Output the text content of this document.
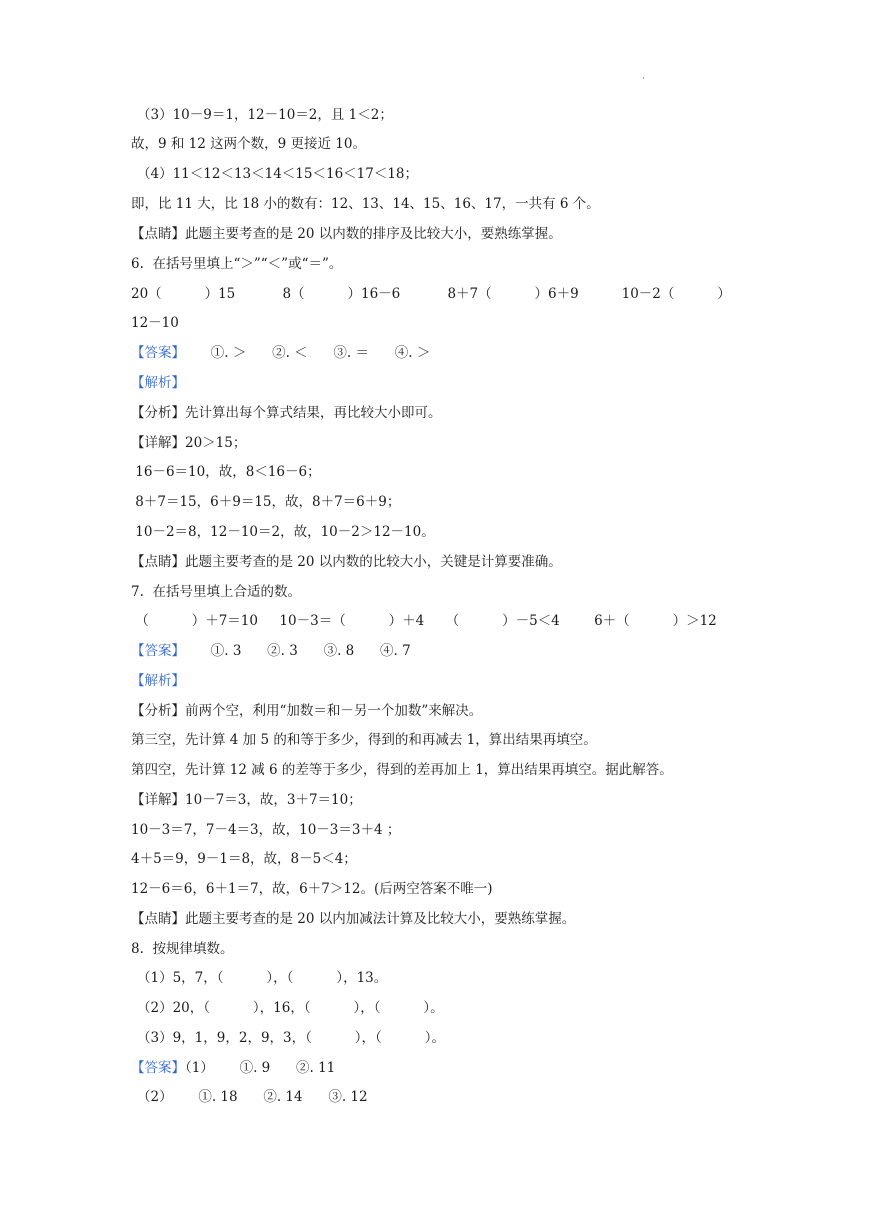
·
（3）10－9＝1，12－10＝2，且 1＜2；
故，9 和 12 这两个数，9 更接近 10。
（4）11＜12＜13＜14＜15＜16＜17＜18；
即，比 11 大，比 18 小的数有：12、13、14、15、16、17，一共有 6 个。
【点睛】此题主要考查的是 20 以内数的排序及比较大小，要熟练掌握。
6.  在括号里填上“＞”“＜”或“＝”。
20（          ）15           8（          ）16－6           8＋7（          ）6＋9          10－2（          ）
12－10
【答案】      ①. ＞      ②. ＜      ③. ＝      ④. ＞
【解析】
【分析】先计算出每个算式结果，再比较大小即可。
【详解】20＞15；
16－6＝10，故，8＜16－6；
8＋7＝15，6＋9＝15，故，8＋7＝6＋9；
10－2＝8，12－10＝2，故，10－2＞12－10。
【点睛】此题主要考查的是 20 以内数的比较大小，关键是计算要准确。
7.  在括号里填上合适的数。
（          ）＋7＝10     10－3＝（          ）＋4     （          ）－5＜4        6＋（          ）＞12
【答案】      ①. 3      ②. 3      ③. 8      ④. 7
【解析】
【分析】前两个空，利用“加数＝和－另一个加数”来解决。
第三空，先计算 4 加 5 的和等于多少，得到的和再减去 1，算出结果再填空。
第四空，先计算 12 减 6 的差等于多少，得到的差再加上 1，算出结果再填空。据此解答。
【详解】10－7＝3，故，3＋7＝10；
10－3＝7，7－4＝3，故，10－3＝3＋4 ；
4＋5＝9，9－1＝8，故，8－5＜4；
12－6＝6，6＋1＝7，故，6＋7＞12。(后两空答案不唯一)
【点睛】此题主要考查的是 20 以内加减法计算及比较大小，要熟练掌握。
8.  按规律填数。
（1）5，7，（          ），（          ），13。
（2）20，（          ），16，（          ），（          ）。
（3）9，1，9，2，9，3，（          ），（          ）。
【答案】（1）      ①. 9      ②. 11
（2）      ①. 18      ②. 14      ③. 12
